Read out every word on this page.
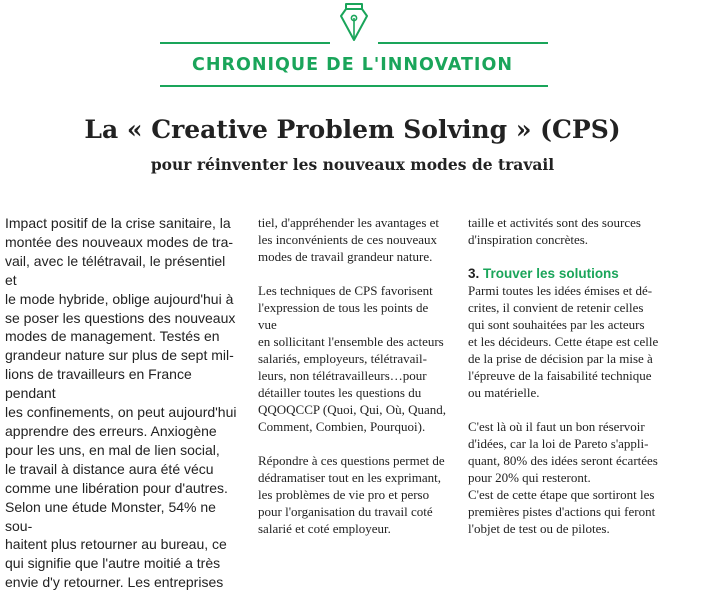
CHRONIQUE DE L'INNOVATION
La « Creative Problem Solving » (CPS)
pour réinventer les nouveaux modes de travail

Impact positif de la crise sanitaire, la

montée des nouveaux modes de tra-

vail, avec le télétravail, le présentiel et

le mode hybride, oblige aujourd'hui à

se poser les questions des nouveaux

modes de management. Testés en

grandeur nature sur plus de sept mil-

lions de travailleurs en France pendant

les confinements, on peut aujourd'hui

apprendre des erreurs. Anxiogène

pour les uns, en mal de lien social,

le travail à distance aura été vécu

comme une libération pour d'autres.

Selon une étude Monster, 54% ne sou-

haitent plus retourner au bureau, ce

qui signifie que l'autre moitié a très

envie d'y retourner. Les entreprises

tiel, d'appréhender les avantages et

les inconvénients de ces nouveaux

modes de travail grandeur nature.

Les techniques de CPS favorisent

l'expression de tous les points de vue

en sollicitant l'ensemble des acteurs

salariés, employeurs, télétravail-

leurs, non télétravailleurs…pour

détailler toutes les questions du

QQOQCCP (Quoi, Qui, Où, Quand,

Comment, Combien, Pourquoi).

Répondre à ces questions permet de

dédramatiser tout en les exprimant,

les problèmes de vie pro et perso

pour l'organisation du travail coté

salarié et coté employeur.

taille et activités sont des sources

d'inspiration concrètes.

3. Trouver les solutions

Parmi toutes les idées émises et dé-

crites, il convient de retenir celles

qui sont souhaitées par les acteurs

et les décideurs. Cette étape est celle

de la prise de décision par la mise à

l'épreuve de la faisabilité technique

ou matérielle.

C'est là où il faut un bon réservoir

d'idées, car la loi de Pareto s'appli-

quant, 80% des idées seront écartées

pour 20% qui resteront.

C'est de cette étape que sortiront les

premières pistes d'actions qui feront

l'objet de test ou de pilotes.
